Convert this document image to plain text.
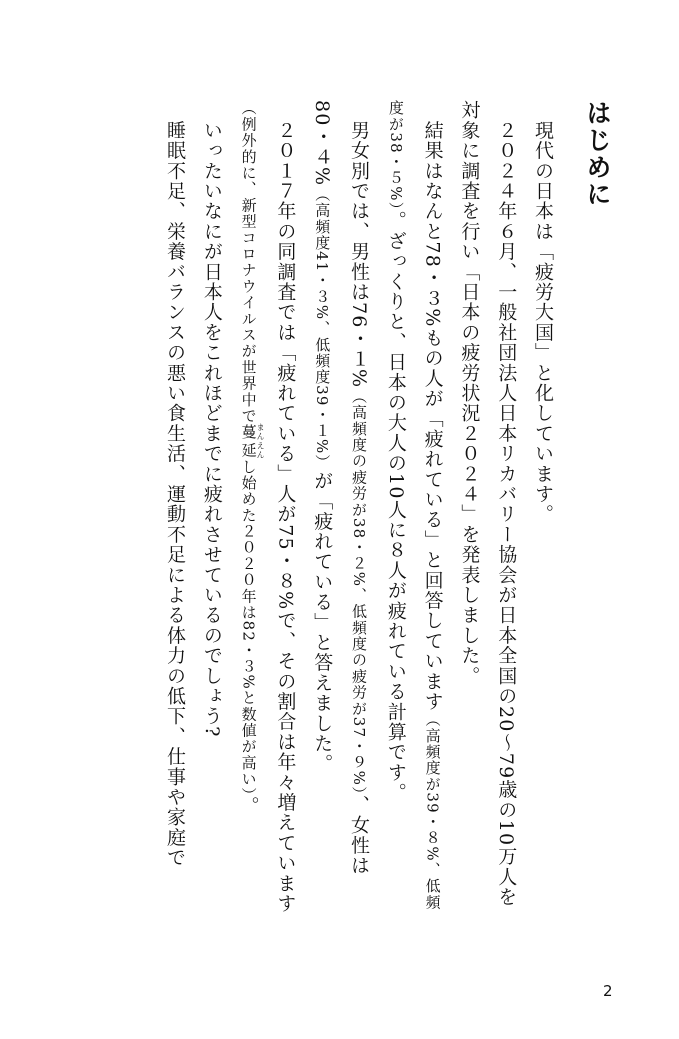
はじめに

　現代の日本は「疲労大国」と化しています。

　２０２４年６月、一般社団法人日本リカバリー協会が日本全国の20〜79歳の10万人を対象に調査を行い「日本の疲労状況２０２４」を発表しました。

　結果はなんと78・３%もの人が「疲れている」と回答しています（高頻度が39・８%、低頻度が38・５%）。ざっくりと、日本の大人の10人に８人が疲れている計算です。

　男女別では、男性は76・１%（高頻度の疲労が38・２%、低頻度の疲労が37・９%）、女性は80・４%（高頻度41・３%、低頻度39・１%）が「疲れている」と答えました。

　２０１７年の同調査では「疲れている」人が75・８%で、その割合は年々増えています（例外的に、新型コロナウイルスが世界中で蔓延まんえんし始めた２０２０年は82・３%と数値が高い）。

　いったいなにが日本人をこれほどまでに疲れさせているのでしょう?

　睡眠不足、栄養バランスの悪い食生活、運動不足による体力の低下、仕事や家庭で

2
